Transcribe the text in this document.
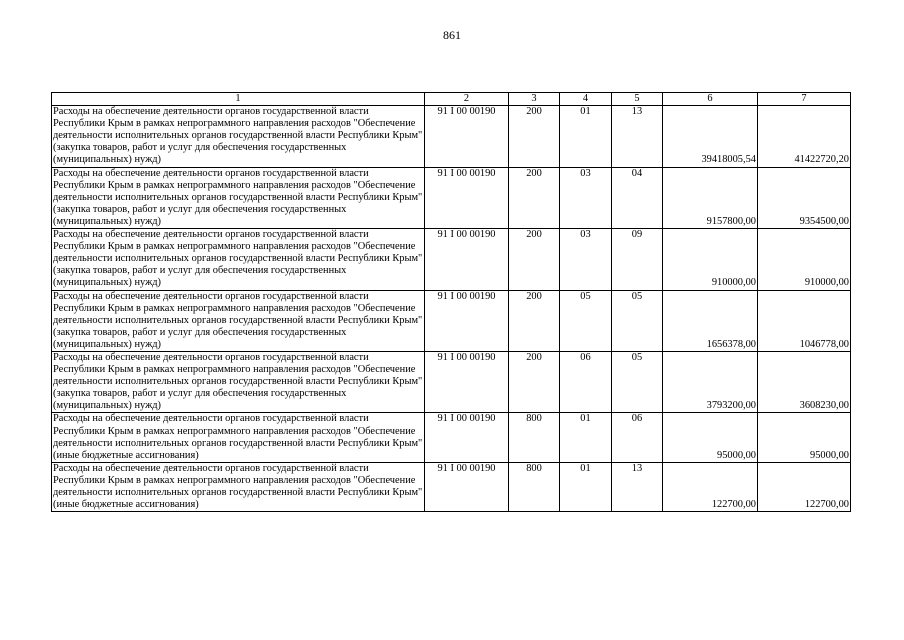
861
1	2	3	4	5	6	7
Расходы на обеспечение деятельности органов государственной власти Республики Крым в рамках непрограммного направления расходов "Обеспечение деятельности исполнительных органов государственной власти Республики Крым" (закупка товаров, работ и услуг для обеспечения государственных (муниципальных) нужд)	91 I 00 00190	200	01	13	39418005,54	41422720,20
Расходы на обеспечение деятельности органов государственной власти Республики Крым в рамках непрограммного направления расходов "Обеспечение деятельности исполнительных органов государственной власти Республики Крым" (закупка товаров, работ и услуг для обеспечения государственных (муниципальных) нужд)	91 I 00 00190	200	03	04	9157800,00	9354500,00
Расходы на обеспечение деятельности органов государственной власти Республики Крым в рамках непрограммного направления расходов "Обеспечение деятельности исполнительных органов государственной власти Республики Крым" (закупка товаров, работ и услуг для обеспечения государственных (муниципальных) нужд)	91 I 00 00190	200	03	09	910000,00	910000,00
Расходы на обеспечение деятельности органов государственной власти Республики Крым в рамках непрограммного направления расходов "Обеспечение деятельности исполнительных органов государственной власти Республики Крым" (закупка товаров, работ и услуг для обеспечения государственных (муниципальных) нужд)	91 I 00 00190	200	05	05	1656378,00	1046778,00
Расходы на обеспечение деятельности органов государственной власти Республики Крым в рамках непрограммного направления расходов "Обеспечение деятельности исполнительных органов государственной власти Республики Крым" (закупка товаров, работ и услуг для обеспечения государственных (муниципальных) нужд)	91 I 00 00190	200	06	05	3793200,00	3608230,00
Расходы на обеспечение деятельности органов государственной власти Республики Крым в рамках непрограммного направления расходов "Обеспечение деятельности исполнительных органов государственной власти Республики Крым" (иные бюджетные ассигнования)	91 I 00 00190	800	01	06	95000,00	95000,00
Расходы на обеспечение деятельности органов государственной власти Республики Крым в рамках непрограммного направления расходов "Обеспечение деятельности исполнительных органов государственной власти Республики Крым" (иные бюджетные ассигнования)	91 I 00 00190	800	01	13	122700,00	122700,00
